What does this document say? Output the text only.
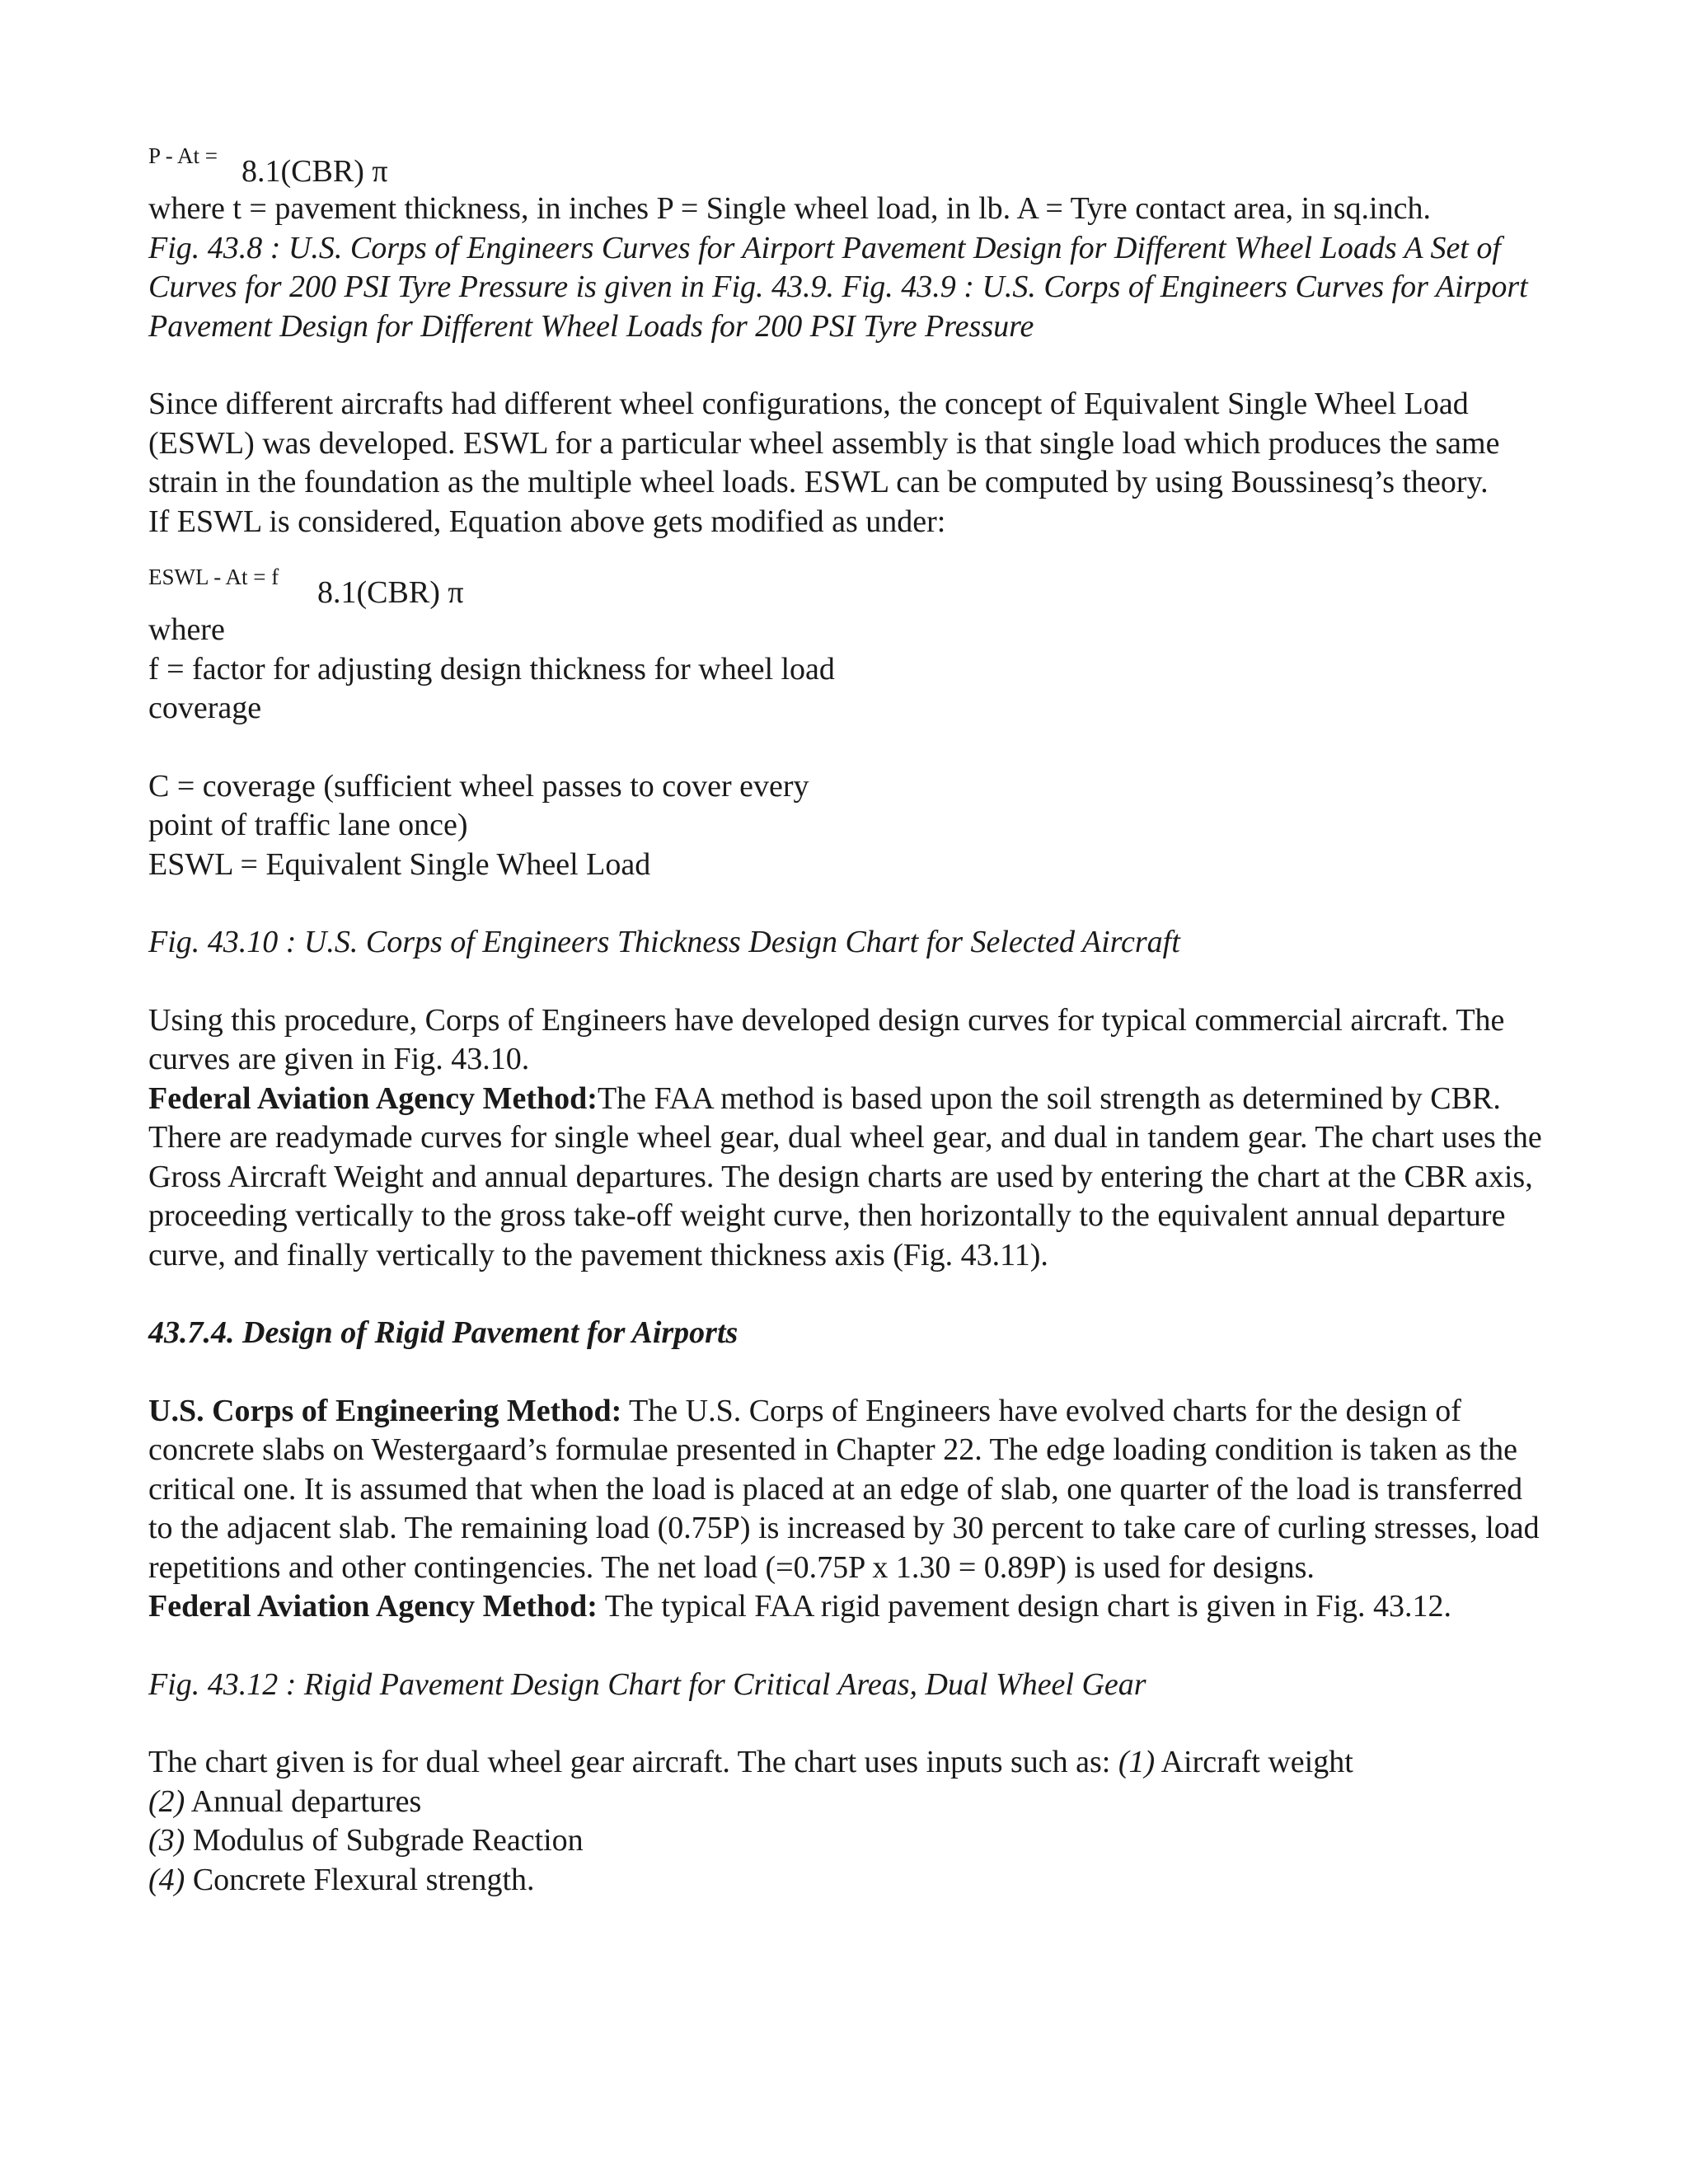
P - At = 8.1(CBR) π

where t = pavement thickness, in inches P = Single wheel load, in lb. A = Tyre contact area, in sq.inch.

Fig. 43.8 : U.S. Corps of Engineers Curves for Airport Pavement Design for Different Wheel Loads A Set of Curves for 200 PSI Tyre Pressure is given in Fig. 43.9. Fig. 43.9 : U.S. Corps of Engineers Curves for Airport Pavement Design for Different Wheel Loads for 200 PSI Tyre Pressure

Since different aircrafts had different wheel configurations, the concept of Equivalent Single Wheel Load (ESWL) was developed. ESWL for a particular wheel assembly is that single load which produces the same strain in the foundation as the multiple wheel loads. ESWL can be computed by using Boussinesq’s theory.

If ESWL is considered, Equation above gets modified as under:

ESWL - At = f 8.1(CBR) π

where

f = factor for adjusting design thickness for wheel load coverage

C = coverage (sufficient wheel passes to cover every point of traffic lane once)

ESWL = Equivalent Single Wheel Load

Fig. 43.10 : U.S. Corps of Engineers Thickness Design Chart for Selected Aircraft

Using this procedure, Corps of Engineers have developed design curves for typical commercial aircraft. The curves are given in Fig. 43.10.

Federal Aviation Agency Method:The FAA method is based upon the soil strength as determined by CBR. There are readymade curves for single wheel gear, dual wheel gear, and dual in tandem gear. The chart uses the Gross Aircraft Weight and annual departures. The design charts are used by entering the chart at the CBR axis, proceeding vertically to the gross take-off weight curve, then horizontally to the equivalent annual departure curve, and finally vertically to the pavement thickness axis (Fig. 43.11).

43.7.4. Design of Rigid Pavement for Airports

U.S. Corps of Engineering Method: The U.S. Corps of Engineers have evolved charts for the design of concrete slabs on Westergaard’s formulae presented in Chapter 22. The edge loading condition is taken as the critical one. It is assumed that when the load is placed at an edge of slab, one quarter of the load is transferred to the adjacent slab. The remaining load (0.75P) is increased by 30 percent to take care of curling stresses, load repetitions and other contingencies. The net load (=0.75P x 1.30 = 0.89P) is used for designs.

Federal Aviation Agency Method: The typical FAA rigid pavement design chart is given in Fig. 43.12.

Fig. 43.12 : Rigid Pavement Design Chart for Critical Areas, Dual Wheel Gear

The chart given is for dual wheel gear aircraft. The chart uses inputs such as: (1) Aircraft weight

(2) Annual departures

(3) Modulus of Subgrade Reaction

(4) Concrete Flexural strength.
